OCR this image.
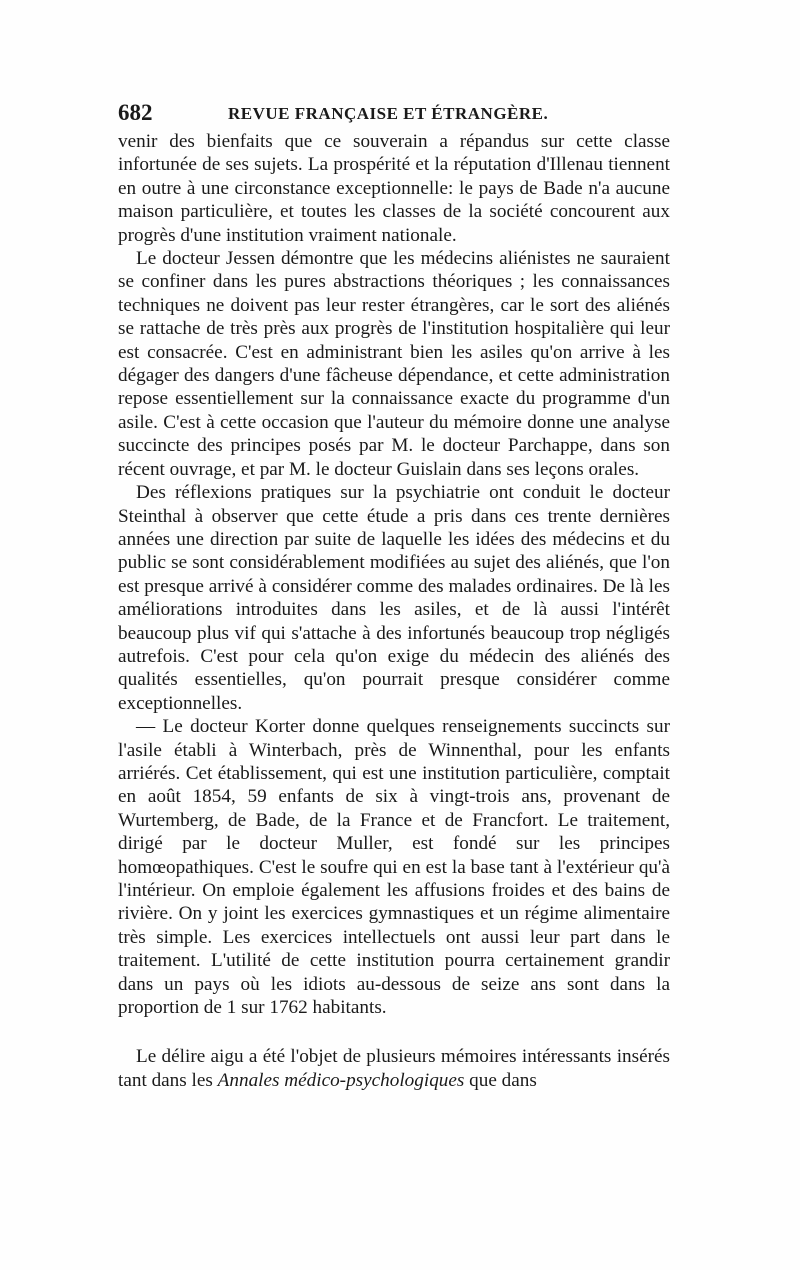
682	REVUE FRANÇAISE ET ÉTRANGÈRE.

venir des bienfaits que ce souverain a répandus sur cette classe infortunée de ses sujets. La prospérité et la réputation d'Illenau tiennent en outre à une circonstance exceptionnelle: le pays de Bade n'a aucune maison particulière, et toutes les classes de la société concourent aux progrès d'une institution vraiment nationale.

Le docteur Jessen démontre que les médecins aliénistes ne sauraient se confiner dans les pures abstractions théoriques ; les connaissances techniques ne doivent pas leur rester étrangères, car le sort des aliénés se rattache de très près aux progrès de l'institution hospitalière qui leur est consacrée. C'est en administrant bien les asiles qu'on arrive à les dégager des dangers d'une fâcheuse dépendance, et cette administration repose essentiellement sur la connaissance exacte du programme d'un asile. C'est à cette occasion que l'auteur du mémoire donne une analyse succincte des principes posés par M. le docteur Parchappe, dans son récent ouvrage, et par M. le docteur Guislain dans ses leçons orales.

Des réflexions pratiques sur la psychiatrie ont conduit le docteur Steinthal à observer que cette étude a pris dans ces trente dernières années une direction par suite de laquelle les idées des médecins et du public se sont considérablement modifiées au sujet des aliénés, que l'on est presque arrivé à considérer comme des malades ordinaires. De là les améliorations introduites dans les asiles, et de là aussi l'intérêt beaucoup plus vif qui s'attache à des infortunés beaucoup trop négligés autrefois. C'est pour cela qu'on exige du médecin des aliénés des qualités essentielles, qu'on pourrait presque considérer comme exceptionnelles.

— Le docteur Korter donne quelques renseignements succincts sur l'asile établi à Winterbach, près de Winnenthal, pour les enfants arriérés. Cet établissement, qui est une institution particulière, comptait en août 1854, 59 enfants de six à vingt-trois ans, provenant de Wurtemberg, de Bade, de la France et de Francfort. Le traitement, dirigé par le docteur Muller, est fondé sur les principes homœopathiques. C'est le soufre qui en est la base tant à l'extérieur qu'à l'intérieur. On emploie également les affusions froides et des bains de rivière. On y joint les exercices gymnastiques et un régime alimentaire très simple. Les exercices intellectuels ont aussi leur part dans le traitement. L'utilité de cette institution pourra certainement grandir dans un pays où les idiots au-dessous de seize ans sont dans la proportion de 1 sur 1762 habitants.

Le délire aigu a été l'objet de plusieurs mémoires intéressants insérés tant dans les Annales médico-psychologiques que dans
